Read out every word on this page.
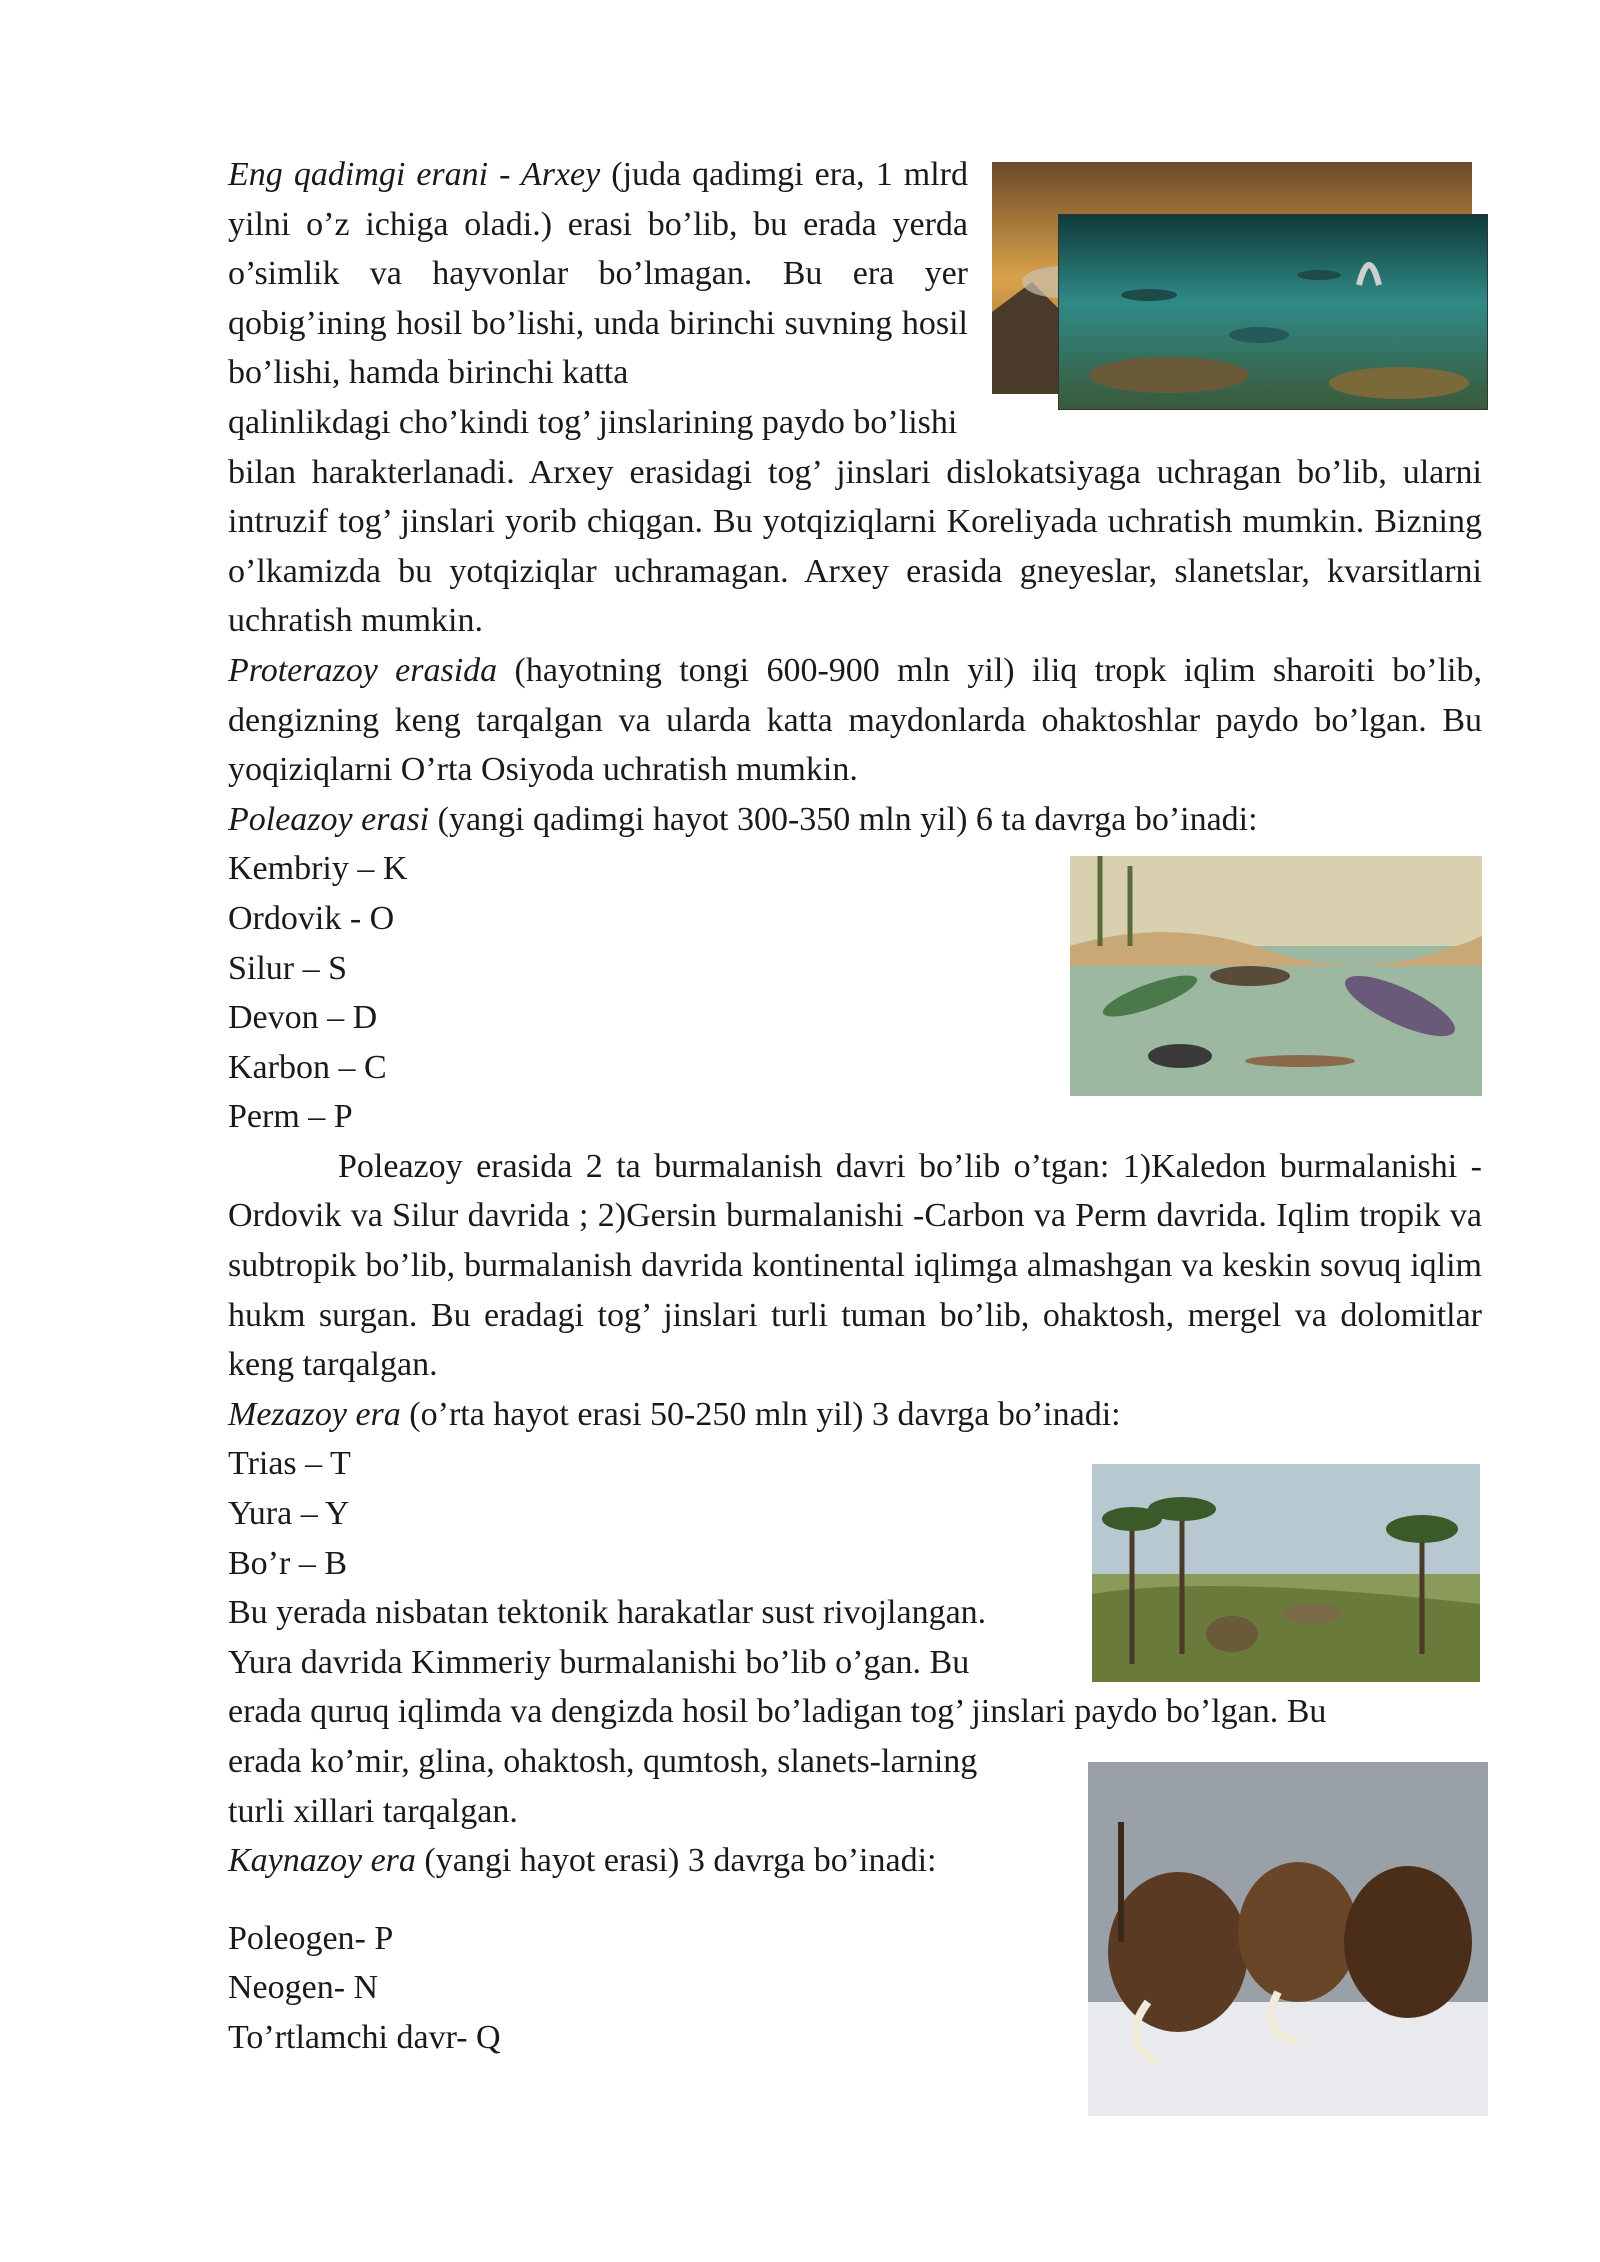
Eng qadimgi erani - Arxey (juda qadimgi era, 1 mlrd yilni o’z ichiga oladi.) erasi bo’lib, bu erada yerda o’simlik va hayvonlar bo’lmagan. Bu era yer qobig’ining hosil bo’lishi, unda birinchi suvning hosil bo’lishi, hamda birinchi katta

qalinlikdagi cho’kindi tog’ jinslarining paydo bo’lishi

bilan harakterlanadi. Arxey erasidagi tog’ jinslari dislokatsiyaga uchragan bo’lib, ularni intruzif tog’ jinslari yorib chiqgan. Bu yotqiziqlarni Koreliyada uchratish mumkin. Bizning o’lkamizda bu yotqiziqlar uchramagan. Arxey erasida gneyeslar, slanetslar, kvarsitlarni uchratish mumkin.

Proterazoy erasida (hayotning tongi 600-900 mln yil) iliq tropk iqlim sharoiti bo’lib, dengizning keng tarqalgan va ularda katta maydonlarda ohaktoshlar paydo bo’lgan. Bu yoqiziqlarni O’rta Osiyoda uchratish mumkin.

Poleazoy erasi (yangi qadimgi hayot 300-350 mln yil) 6 ta davrga bo’inadi:

Kembriy – K

Ordovik - O

Silur – S

Devon – D

Karbon – C

Perm – P

Poleazoy erasida 2 ta burmalanish davri bo’lib o’tgan: 1)Kaledon burmalanishi - Ordovik va Silur davrida ; 2)Gersin burmalanishi -Carbon va Perm davrida. Iqlim tropik va subtropik bo’lib, burmalanish davrida kontinental iqlimga almashgan va keskin sovuq iqlim hukm surgan. Bu eradagi tog’ jinslari turli tuman bo’lib, ohaktosh, mergel va dolomitlar keng tarqalgan.

Mezazoy era (o’rta hayot erasi 50-250 mln yil) 3 davrga bo’inadi:

Trias – T

Yura – Y

Bo’r – B

Bu yerada nisbatan tektonik harakatlar sust rivojlangan.

Yura davrida Kimmeriy burmalanishi bo’lib o’gan. Bu

erada quruq iqlimda va dengizda hosil bo’ladigan tog’ jinslari paydo bo’lgan. Bu

erada ko’mir, glina, ohaktosh, qumtosh, slanets-larning turli xillari tarqalgan.

Kaynazoy era (yangi hayot erasi) 3 davrga bo’inadi:

Poleogen- P

Neogen- N

To’rtlamchi davr- Q
